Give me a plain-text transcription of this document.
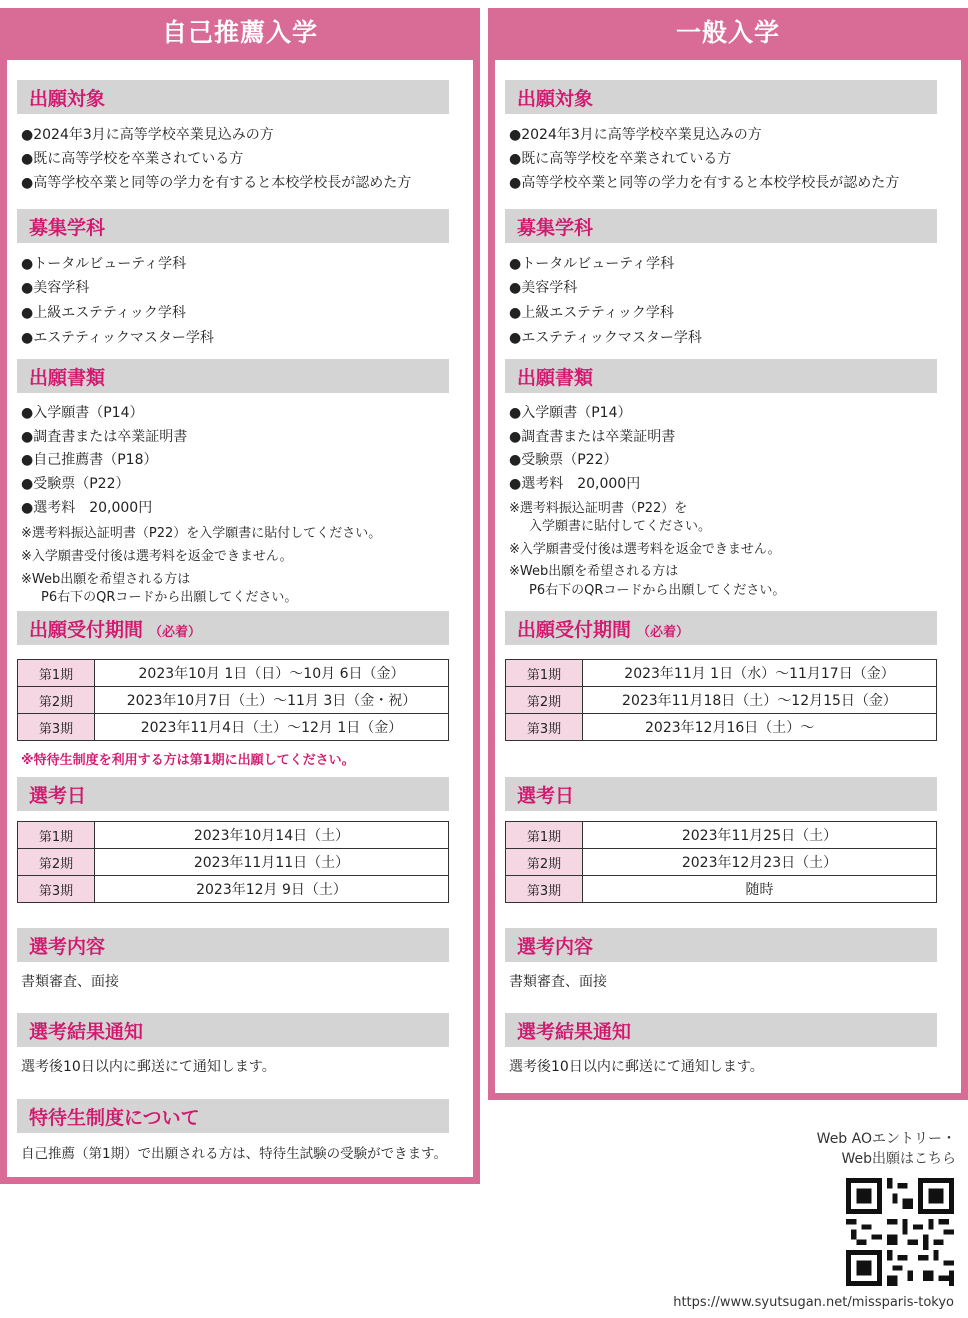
自己推薦入学
出願対象
●2024年3月に高等学校卒業見込みの方
●既に高等学校を卒業されている方
●高等学校卒業と同等の学力を有すると本校学校長が認めた方
募集学科
●トータルビューティ学科
●美容学科
●上級エステティック学科
●エステティックマスター学科
出願書類
●入学願書（P14）
●調査書または卒業証明書
●自己推薦書（P18）
●受験票（P22）
●選考料　20,000円
※選考料振込証明書（P22）を入学願書に貼付してください。
※入学願書受付後は選考料を返金できません。
※Web出願を希望される方は
P6右下のQRコードから出願してください。
出願受付期間 （必着）
第1期	2023年10月 1日（日）〜10月 6日（金）
第2期	2023年10月7日（土）〜11月 3日（金・祝）
第3期	2023年11月4日（土）〜12月 1日（金）
※特待生制度を利用する方は第1期に出願してください。
選考日
第1期	2023年10月14日（土）
第2期	2023年11月11日（土）
第3期	2023年12月 9日（土）
選考内容
書類審査、面接
選考結果通知
選考後10日以内に郵送にて通知します。
特待生制度について
自己推薦（第1期）で出願される方は、特待生試験の受験ができます。
一般入学
出願対象
●2024年3月に高等学校卒業見込みの方
●既に高等学校を卒業されている方
●高等学校卒業と同等の学力を有すると本校学校長が認めた方
募集学科
●トータルビューティ学科
●美容学科
●上級エステティック学科
●エステティックマスター学科
出願書類
●入学願書（P14）
●調査書または卒業証明書
●受験票（P22）
●選考料　20,000円
※選考料振込証明書（P22）を
入学願書に貼付してください。
※入学願書受付後は選考料を返金できません。
※Web出願を希望される方は
P6右下のQRコードから出願してください。
出願受付期間 （必着）
第1期	2023年11月 1日（水）〜11月17日（金）
第2期	2023年11月18日（土）〜12月15日（金）
第3期	2023年12月16日（土）〜
選考日
第1期	2023年11月25日（土）
第2期	2023年12月23日（土）
第3期	随時
選考内容
書類審査、面接
選考結果通知
選考後10日以内に郵送にて通知します。
Web AOエントリー・
Web出願はこちら
https://www.syutsugan.net/missparis-tokyo
